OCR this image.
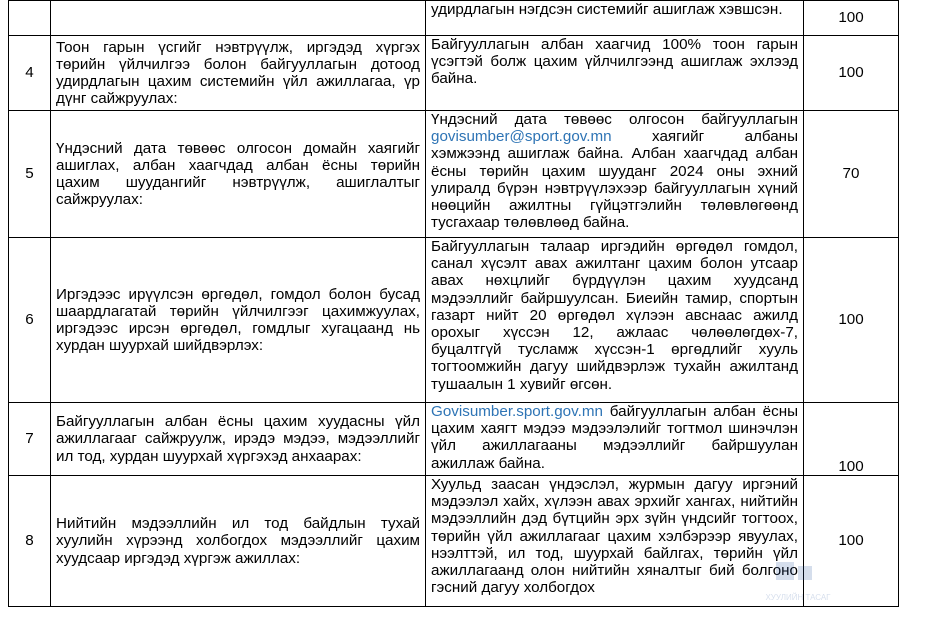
		удирдлагын нэгдсэн системийг ашиглаж хэвшсэн.	100
4	Тоон гарын үсгийг нэвтрүүлж, иргэдэд хүргэх төрийн үйлчилгээ болон байгууллагын дотоод удирдлагын цахим системийн үйл ажиллагаа, үр дүнг сайжруулах:	Байгууллагын албан хаагчид 100% тоон гарын үсэгтэй болж цахим үйлчилгээнд ашиглаж эхлээд байна.	100
5	Үндэсний дата төвөөс олгосон домайн хаягийг ашиглах, албан хаагчдад албан ёсны төрийн цахим шуудангийг нэвтрүүлж, ашиглалтыг сайжруулах:	Үндэсний дата төвөөс олгосон байгууллагын govisumber@sport.gov.mn хаягийг албаны хэмжээнд ашиглаж байна. Албан хаагчдад албан ёсны төрийн цахим шууданг 2024 оны эхний улиралд бүрэн нэвтрүүлэхээр байгууллагын хүний нөөцийн ажилтны гүйцэтгэлийн төлөвлөгөөнд тусгахаар төлөвлөөд байна.	70
6	Иргэдээс ирүүлсэн өргөдөл, гомдол болон бусад шаардлагатай төрийн үйлчилгээг цахимжуулах, иргэдээс ирсэн өргөдөл, гомдлыг хугацаанд нь хурдан шуурхай шийдвэрлэх:	Байгууллагын талаар иргэдийн өргөдөл гомдол, санал хүсэлт авах ажилтанг цахим болон утсаар авах нөхцлийг бүрдүүлэн цахим хуудсанд мэдээллийг байршуулсан. Биеийн тамир, спортын газарт нийт 20 өргөдөл хүлээн авснаас ажилд орохыг хүссэн 12, ажлаас чөлөөлөгдөх-7, буцалтгүй тусламж хүссэн-1 өргөдлийг хууль тогтоомжийн дагуу шийдвэрлэж тухайн ажилтанд тушаалын 1 хувийг өгсөн.	100
7	Байгууллагын албан ёсны цахим хуудасны үйл ажиллагааг сайжруулж, ирэдэ мэдээ, мэдээллийг ил тод, хурдан шуурхай хүргэхэд анхаарах:	Govisumber.sport.gov.mn байгууллагын албан ёсны цахим хаягт мэдээ мэдээлэлийг тогтмол шинэчлэн үйл ажиллагааны мэдээллийг байршуулан ажиллаж байна.	100
8	Нийтийн мэдээллийн ил тод байдлын тухай хуулийн хүрээнд холбогдох мэдээллийг цахим хуудсаар иргэдэд хүргэж ажиллах:	Хуульд заасан үндэслэл, журмын дагуу иргэний мэдээлэл хайх, хүлээн авах эрхийг хангах, нийтийн мэдээллийн дэд бүтцийн эрх зүйн үндсийг тогтоох, төрийн үйл ажиллагааг цахим хэлбэрээр явуулах, нээлттэй, ил тод, шуурхай байлгах, төрийн үйл ажиллагаанд олон нийтийн хяналтыг бий болгоно гэсний дагуу холбогдох	100
ХУУЛИЙН ТАСАГ
